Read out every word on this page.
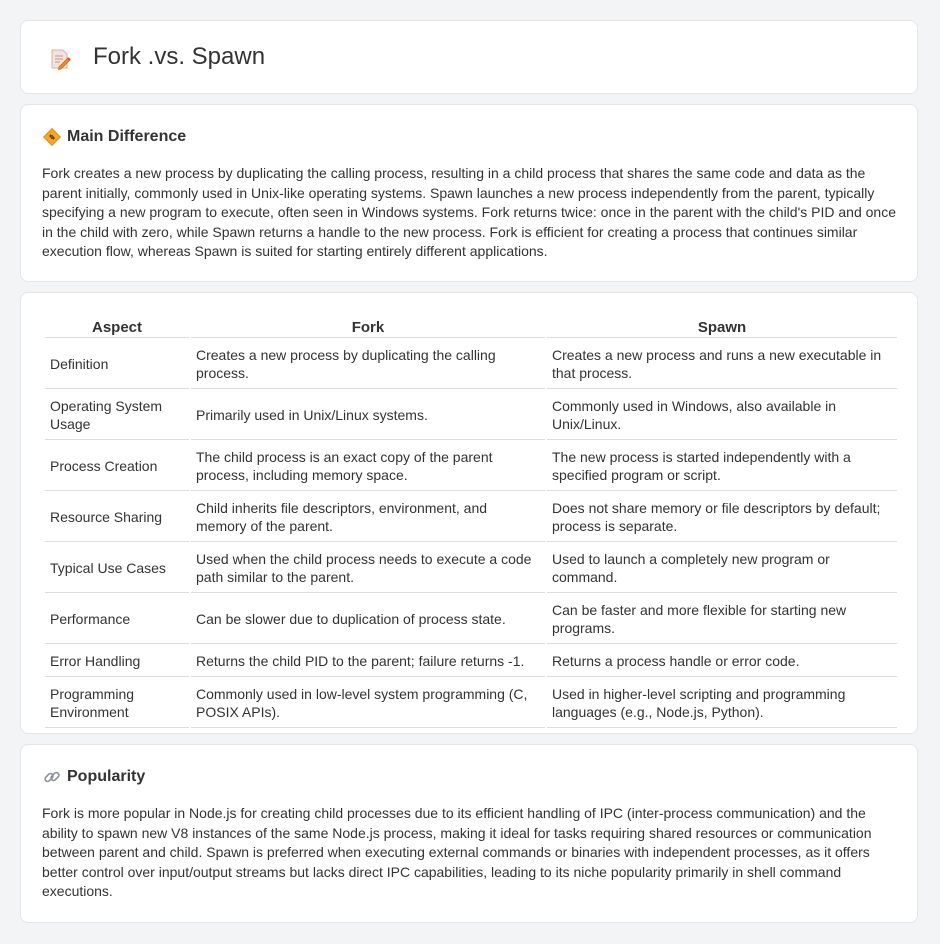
Fork .vs. Spawn
Main Difference

Fork creates a new process by duplicating the calling process, resulting in a child process that shares the same code and data as the parent initially, commonly used in Unix-like operating systems. Spawn launches a new process independently from the parent, typically specifying a new program to execute, often seen in Windows systems. Fork returns twice: once in the parent with the child's PID and once in the child with zero, while Spawn returns a handle to the new process. Fork is efficient for creating a process that continues similar execution flow, whereas Spawn is suited for starting entirely different applications.

Aspect	Fork	Spawn
Definition	Creates a new process by duplicating the calling process.	Creates a new process and runs a new executable in that process.
Operating System Usage	Primarily used in Unix/Linux systems.	Commonly used in Windows, also available in Unix/Linux.
Process Creation	The child process is an exact copy of the parent process, including memory space.	The new process is started independently with a specified program or script.
Resource Sharing	Child inherits file descriptors, environment, and memory of the parent.	Does not share memory or file descriptors by default; process is separate.
Typical Use Cases	Used when the child process needs to execute a code path similar to the parent.	Used to launch a completely new program or command.
Performance	Can be slower due to duplication of process state.	Can be faster and more flexible for starting new programs.
Error Handling	Returns the child PID to the parent; failure returns -1.	Returns a process handle or error code.
Programming Environment	Commonly used in low-level system programming (C, POSIX APIs).	Used in higher-level scripting and programming languages (e.g., Node.js, Python).
Popularity

Fork is more popular in Node.js for creating child processes due to its efficient handling of IPC (inter-process communication) and the ability to spawn new V8 instances of the same Node.js process, making it ideal for tasks requiring shared resources or communication between parent and child. Spawn is preferred when executing external commands or binaries with independent processes, as it offers better control over input/output streams but lacks direct IPC capabilities, leading to its niche popularity primarily in shell command executions.
